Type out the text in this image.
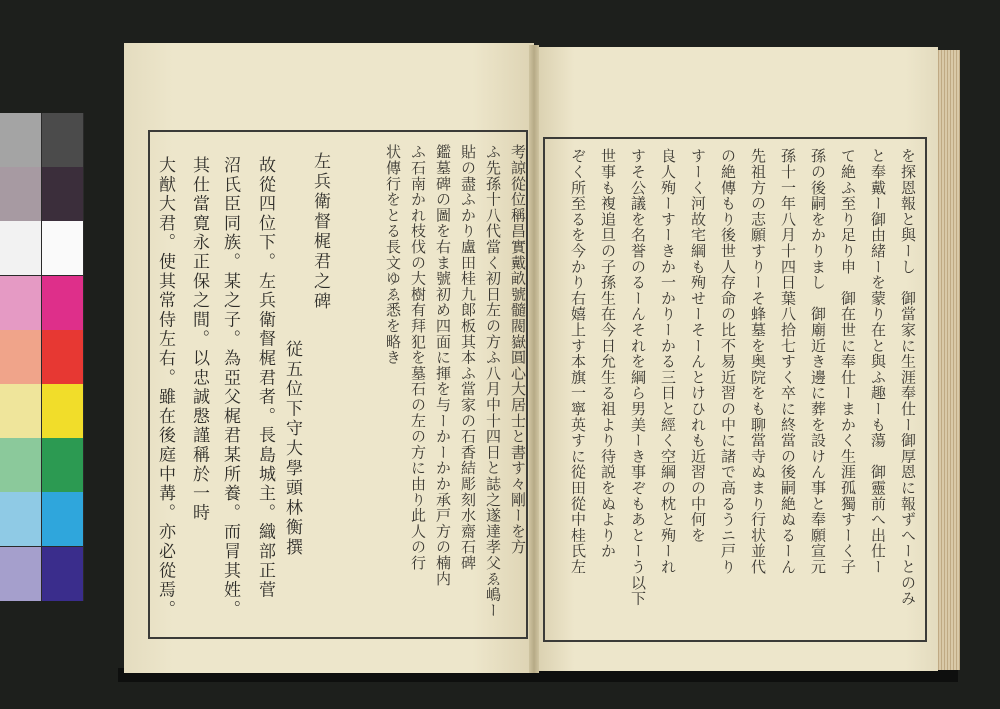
考諒從位稱昌實戴畝號髓閥嶽圓心大居士と書す々剛ーを方
ふ先孫十八代當く初日左の方ふ八月中十四日と誌之遂達孝父ゑ嶋ー
貼の盡ふかり盧田桂九郞板其本ふ當家の石香結彫刻水齋石碑
鑑墓碑の圖を右ま號初め四面に揮を与ーかーかか承戸方の楠内
ふ石南かれ枝伐の大樹有拜犯を墓石の左の方に由り此人の行
状傳行をとる長文ゆゑ悉を略き
左兵衛督梶君之碑
従五位下守大學頭林衡撰
故從四位下。左兵衛督梶君者。長島城主。織部正菅
沼氏臣同族。某之子。為亞父梶君某所養。而冐其姓。
其仕當寛永正保之間。以忠誠慇謹稱於一時
大猷大君。使其常侍左右。雖在後庭中冓。亦必從焉。	を探恩報と與ーし　御當家に生涯奉仕ー御厚恩に報ずへーとのみ
と奉戴ー御由緒ーを蒙り在と與ふ趣ーも蕩　御靈前へ出仕ー
て絶ふ至り足り申　御在世に奉仕ーまかく生涯孤獨すーく子
孫の後嗣をかりまし　御廟近き邊に葬を設けん事と奉願宣元
孫十一年八月十四日葉八拾七すく卒に終當の後嗣絶ぬるーん
先祖方の志願すりーそ蜂墓を奥院をも聊當寺ぬまり行状並代
の絶傳もり後世人存命の比不易近習の中に諸で高るうニ戸り
すーく河故宅綱も殉せーそーんとけひれも近習の中何を
良人殉ーすーきか一かりーかる三日と經く空綱の枕と殉ーれ
すそ公議を名誉のるーんそれを綱ら男美ーき事ぞもあとーう以下
世事も複追旦の子孫生在今日允生る祖より待説をぬよりか
ぞく所至るを今かり右嬉上す本旗一寧英すに從田從中桂氏左
